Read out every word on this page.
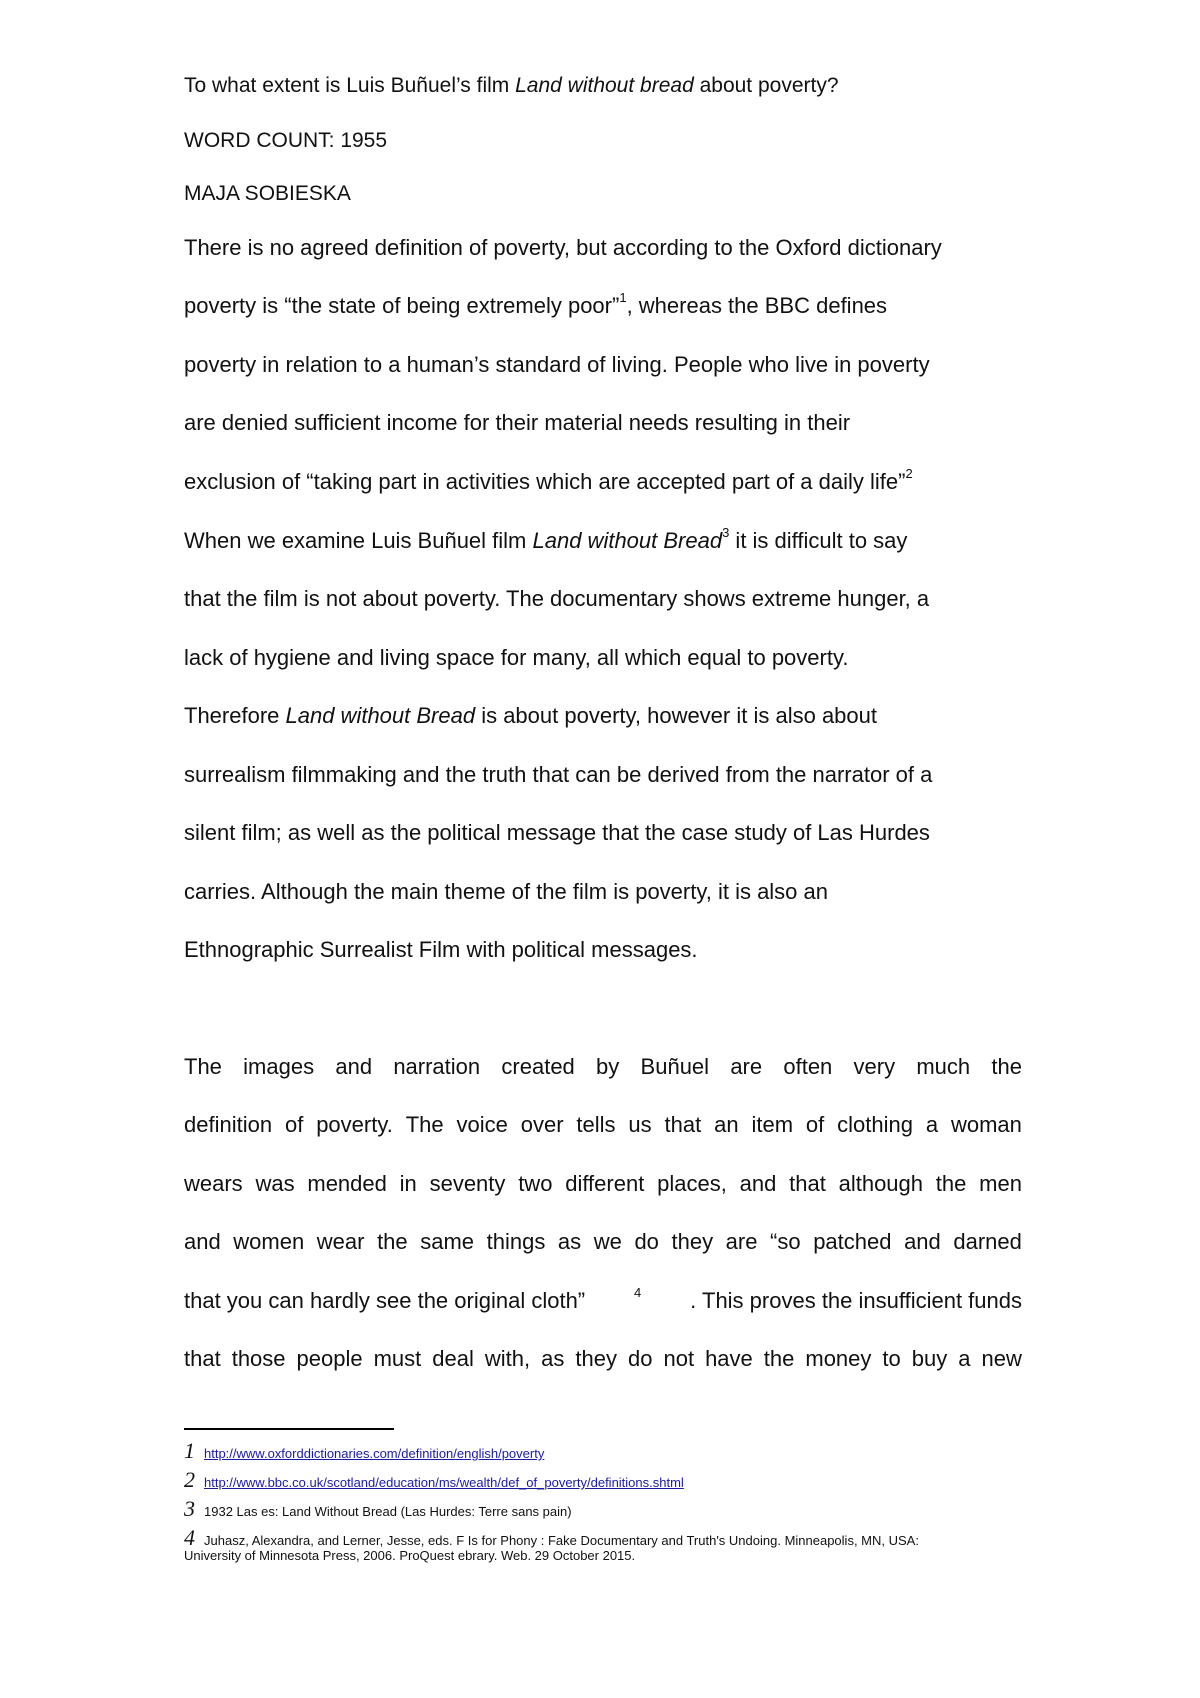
To what extent is Luis Buñuel’s film Land without bread about poverty?
WORD COUNT: 1955
MAJA SOBIESKA
There is no agreed definition of poverty, but according to the Oxford dictionary
poverty is “the state of being extremely poor”$^1$, whereas the BBC defines
poverty in relation to a human’s standard of living. People who live in poverty
are denied sufficient income for their material needs resulting in their
exclusion of “taking part in activities which are accepted part of a daily life”$^2$
When we examine Luis Buñuel film Land without Bread$^3$ it is difficult to say
that the film is not about poverty. The documentary shows extreme hunger, a
lack of hygiene and living space for many, all which equal to poverty.
Therefore Land without Bread is about poverty, however it is also about
surrealism filmmaking and the truth that can be derived from the narrator of a
silent film; as well as the political message that the case study of Las Hurdes
carries. Although the main theme of the film is poverty, it is also an
Ethnographic Surrealist Film with political messages.
The images and narration created by Buñuel are often very much the
definition of poverty. The voice over tells us that an item of clothing a woman
wears was mended in seventy two different places, and that although the men
and women wear the same things as we do they are “so patched and darned
that you can hardly see the original cloth”	$^4$ . This proves the insufficient funds
that those people must deal with, as they do not have the money to buy a new
1 http://www.oxforddictionaries.com/definition/english/poverty
2 http://www.bbc.co.uk/scotland/education/ms/wealth/def_of_poverty/definitions.shtml
3 1932 Las es: Land Without Bread (Las Hurdes: Terre sans pain)
4 Juhasz, Alexandra, and Lerner, Jesse, eds. F Is for Phony : Fake Documentary and Truth's Undoing. Minneapolis, MN, USA:
University of Minnesota Press, 2006. ProQuest ebrary. Web. 29 October 2015.
